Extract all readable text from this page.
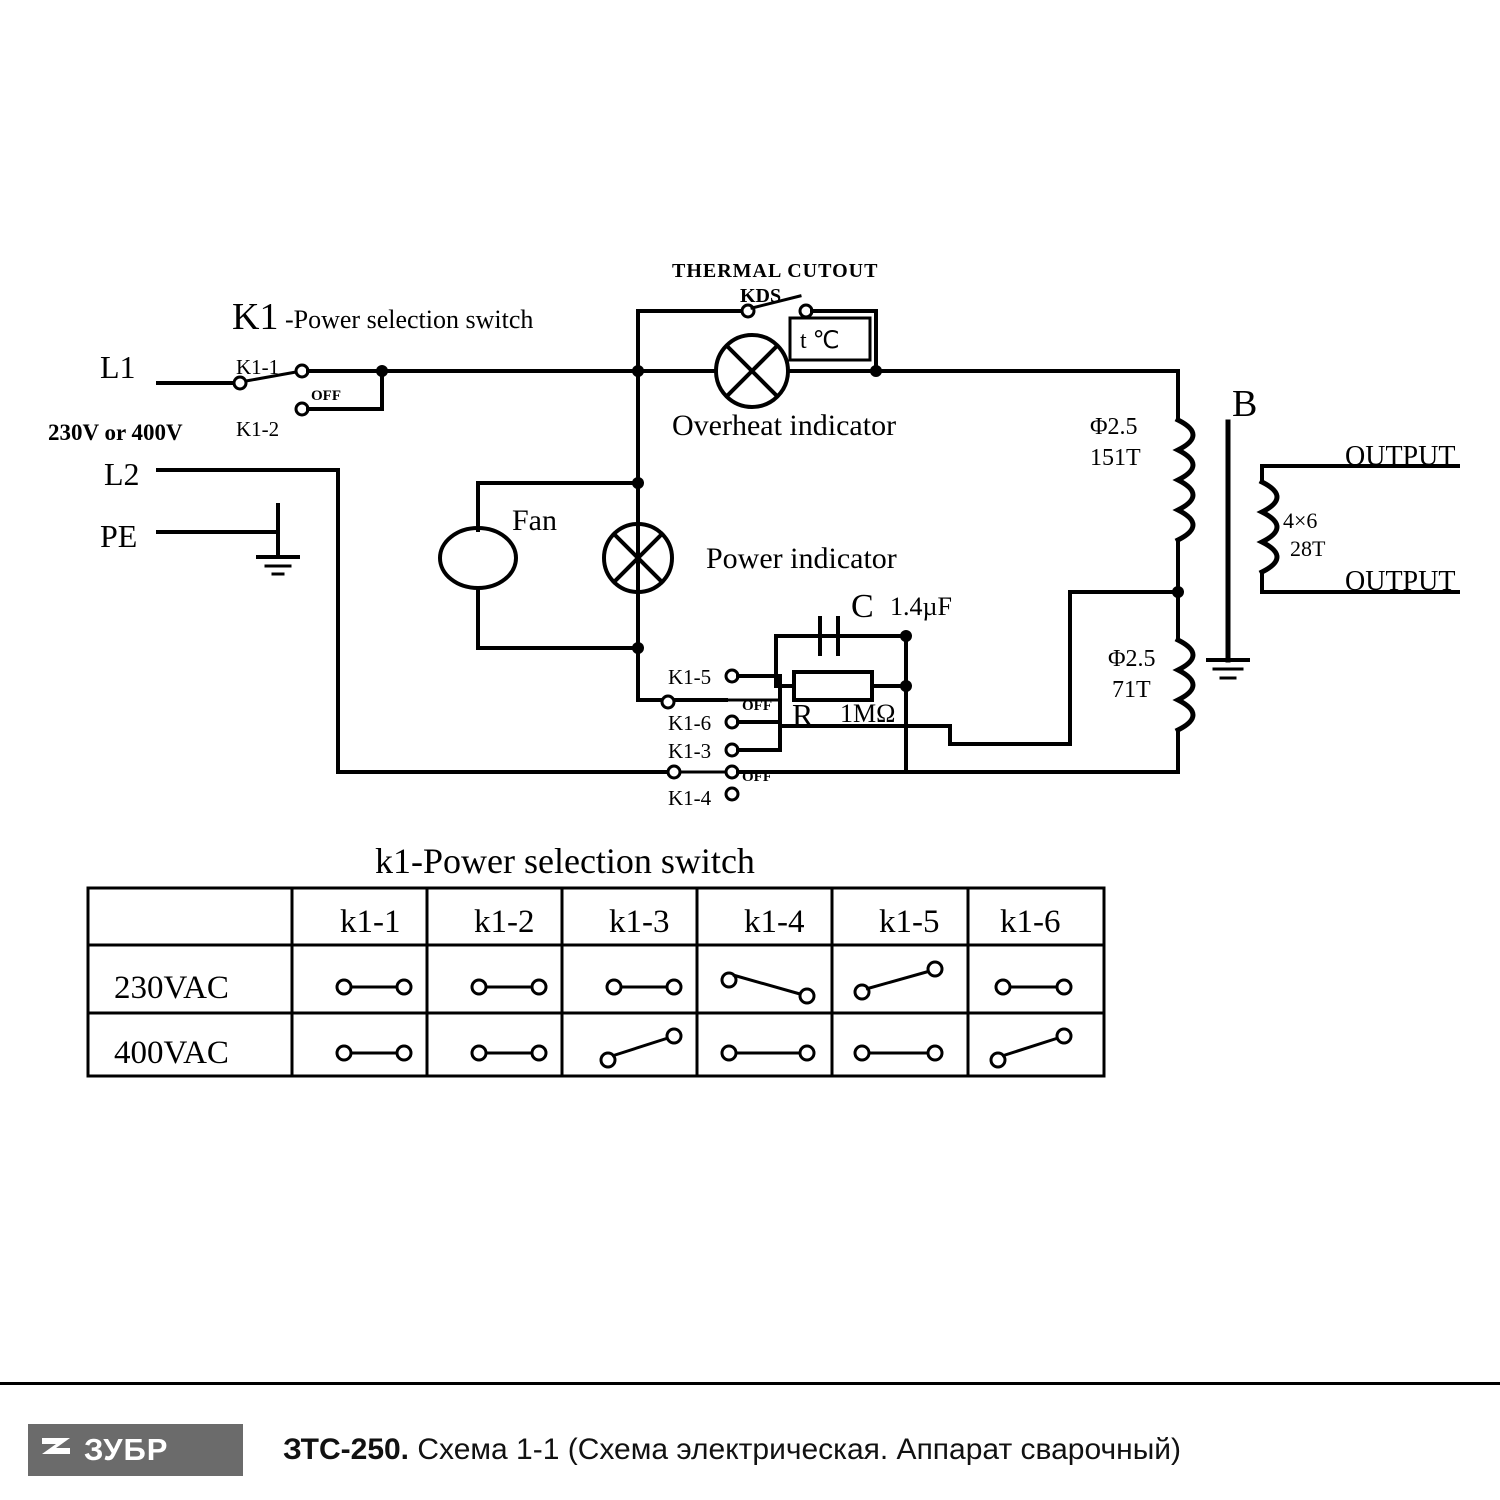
K1 -Power selection switch
L1
230V or 400V
L2
PE
K1-1
K1-2
OFF
THERMAL CUTOUT
KDS
t ℃
Overheat indicator
Power indicator
Fan
C 1.4µF
R 1MΩ
K1-5
K1-6
K1-3
K1-4
OFF
OFF
Φ2.5
151T
Φ2.5
71T
B
4×6
28T
OUTPUT
OUTPUT
k1-Power selection switch
k1-1 k1-2 k1-3 k1-4 k1-5 k1-6
230VAC
400VAC
ЗУБР	ЗТС-250. Схема 1-1 (Схема электрическая. Аппарат сварочный)
